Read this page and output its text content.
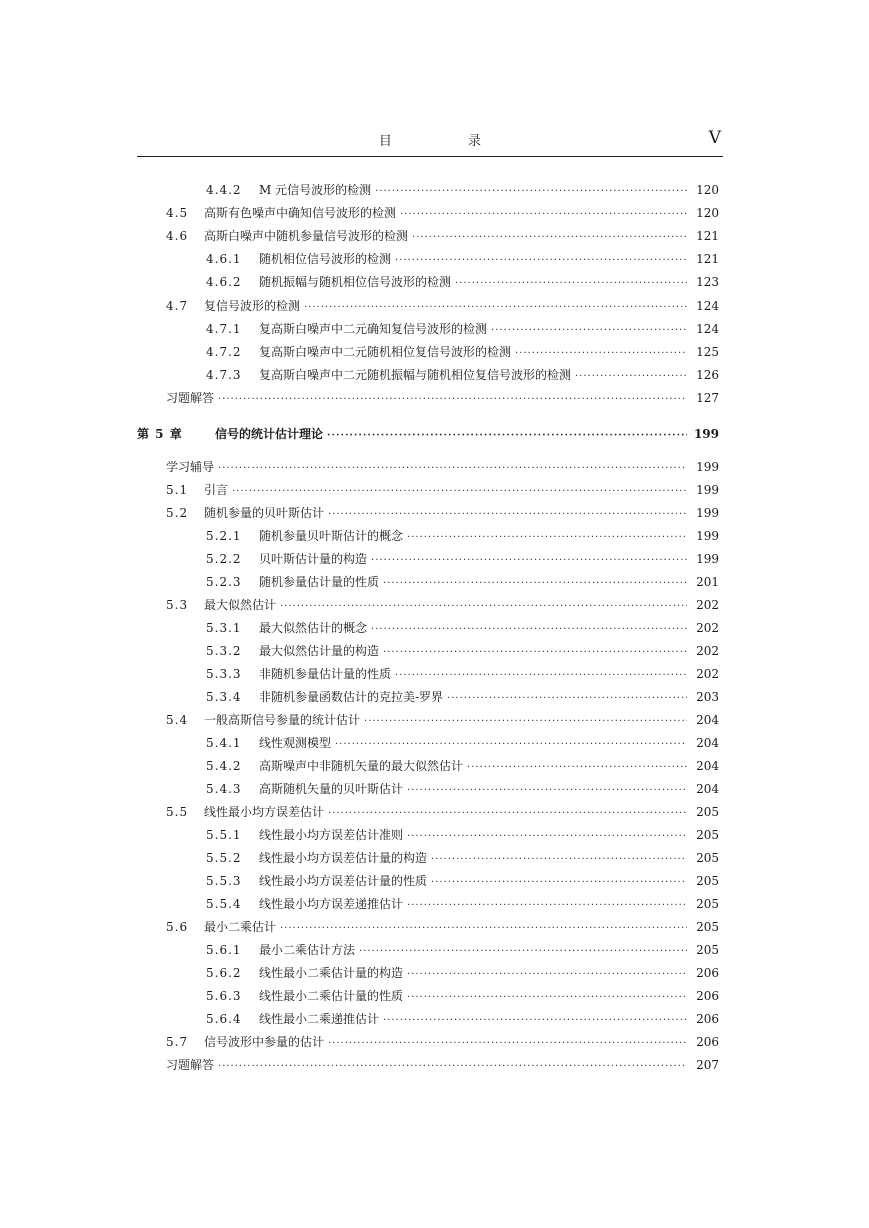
目 录	V
4.4.2	M 元信号波形的检测 ·····	120
4.5	高斯有色噪声中确知信号波形的检测 ·····	120
4.6	高斯白噪声中随机参量信号波形的检测 ·····	121
4.6.1	随机相位信号波形的检测 ·····	121
4.6.2	随机振幅与随机相位信号波形的检测 ·····	123
4.7	复信号波形的检测 ·····	124
4.7.1	复高斯白噪声中二元确知复信号波形的检测 ·····	124
4.7.2	复高斯白噪声中二元随机相位复信号波形的检测 ·····	125
4.7.3	复高斯白噪声中二元随机振幅与随机相位复信号波形的检测 ·····	126
习题解答 ·····	127
第 5 章	信号的统计估计理论 ·····	199
学习辅导 ·····	199
5.1	引言 ·····	199
5.2	随机参量的贝叶斯估计 ·····	199
5.2.1	随机参量贝叶斯估计的概念 ·····	199
5.2.2	贝叶斯估计量的构造 ·····	199
5.2.3	随机参量估计量的性质 ·····	201
5.3	最大似然估计 ·····	202
5.3.1	最大似然估计的概念 ·····	202
5.3.2	最大似然估计量的构造 ·····	202
5.3.3	非随机参量估计量的性质 ·····	202
5.3.4	非随机参量函数估计的克拉美-罗界 ·····	203
5.4	一般高斯信号参量的统计估计 ·····	204
5.4.1	线性观测模型 ·····	204
5.4.2	高斯噪声中非随机矢量的最大似然估计 ·····	204
5.4.3	高斯随机矢量的贝叶斯估计 ·····	204
5.5	线性最小均方误差估计 ·····	205
5.5.1	线性最小均方误差估计准则 ·····	205
5.5.2	线性最小均方误差估计量的构造 ·····	205
5.5.3	线性最小均方误差估计量的性质 ·····	205
5.5.4	线性最小均方误差递推估计 ·····	205
5.6	最小二乘估计 ·····	205
5.6.1	最小二乘估计方法 ·····	205
5.6.2	线性最小二乘估计量的构造 ·····	206
5.6.3	线性最小二乘估计量的性质 ·····	206
5.6.4	线性最小二乘递推估计 ·····	206
5.7	信号波形中参量的估计 ·····	206
习题解答 ·····	207
